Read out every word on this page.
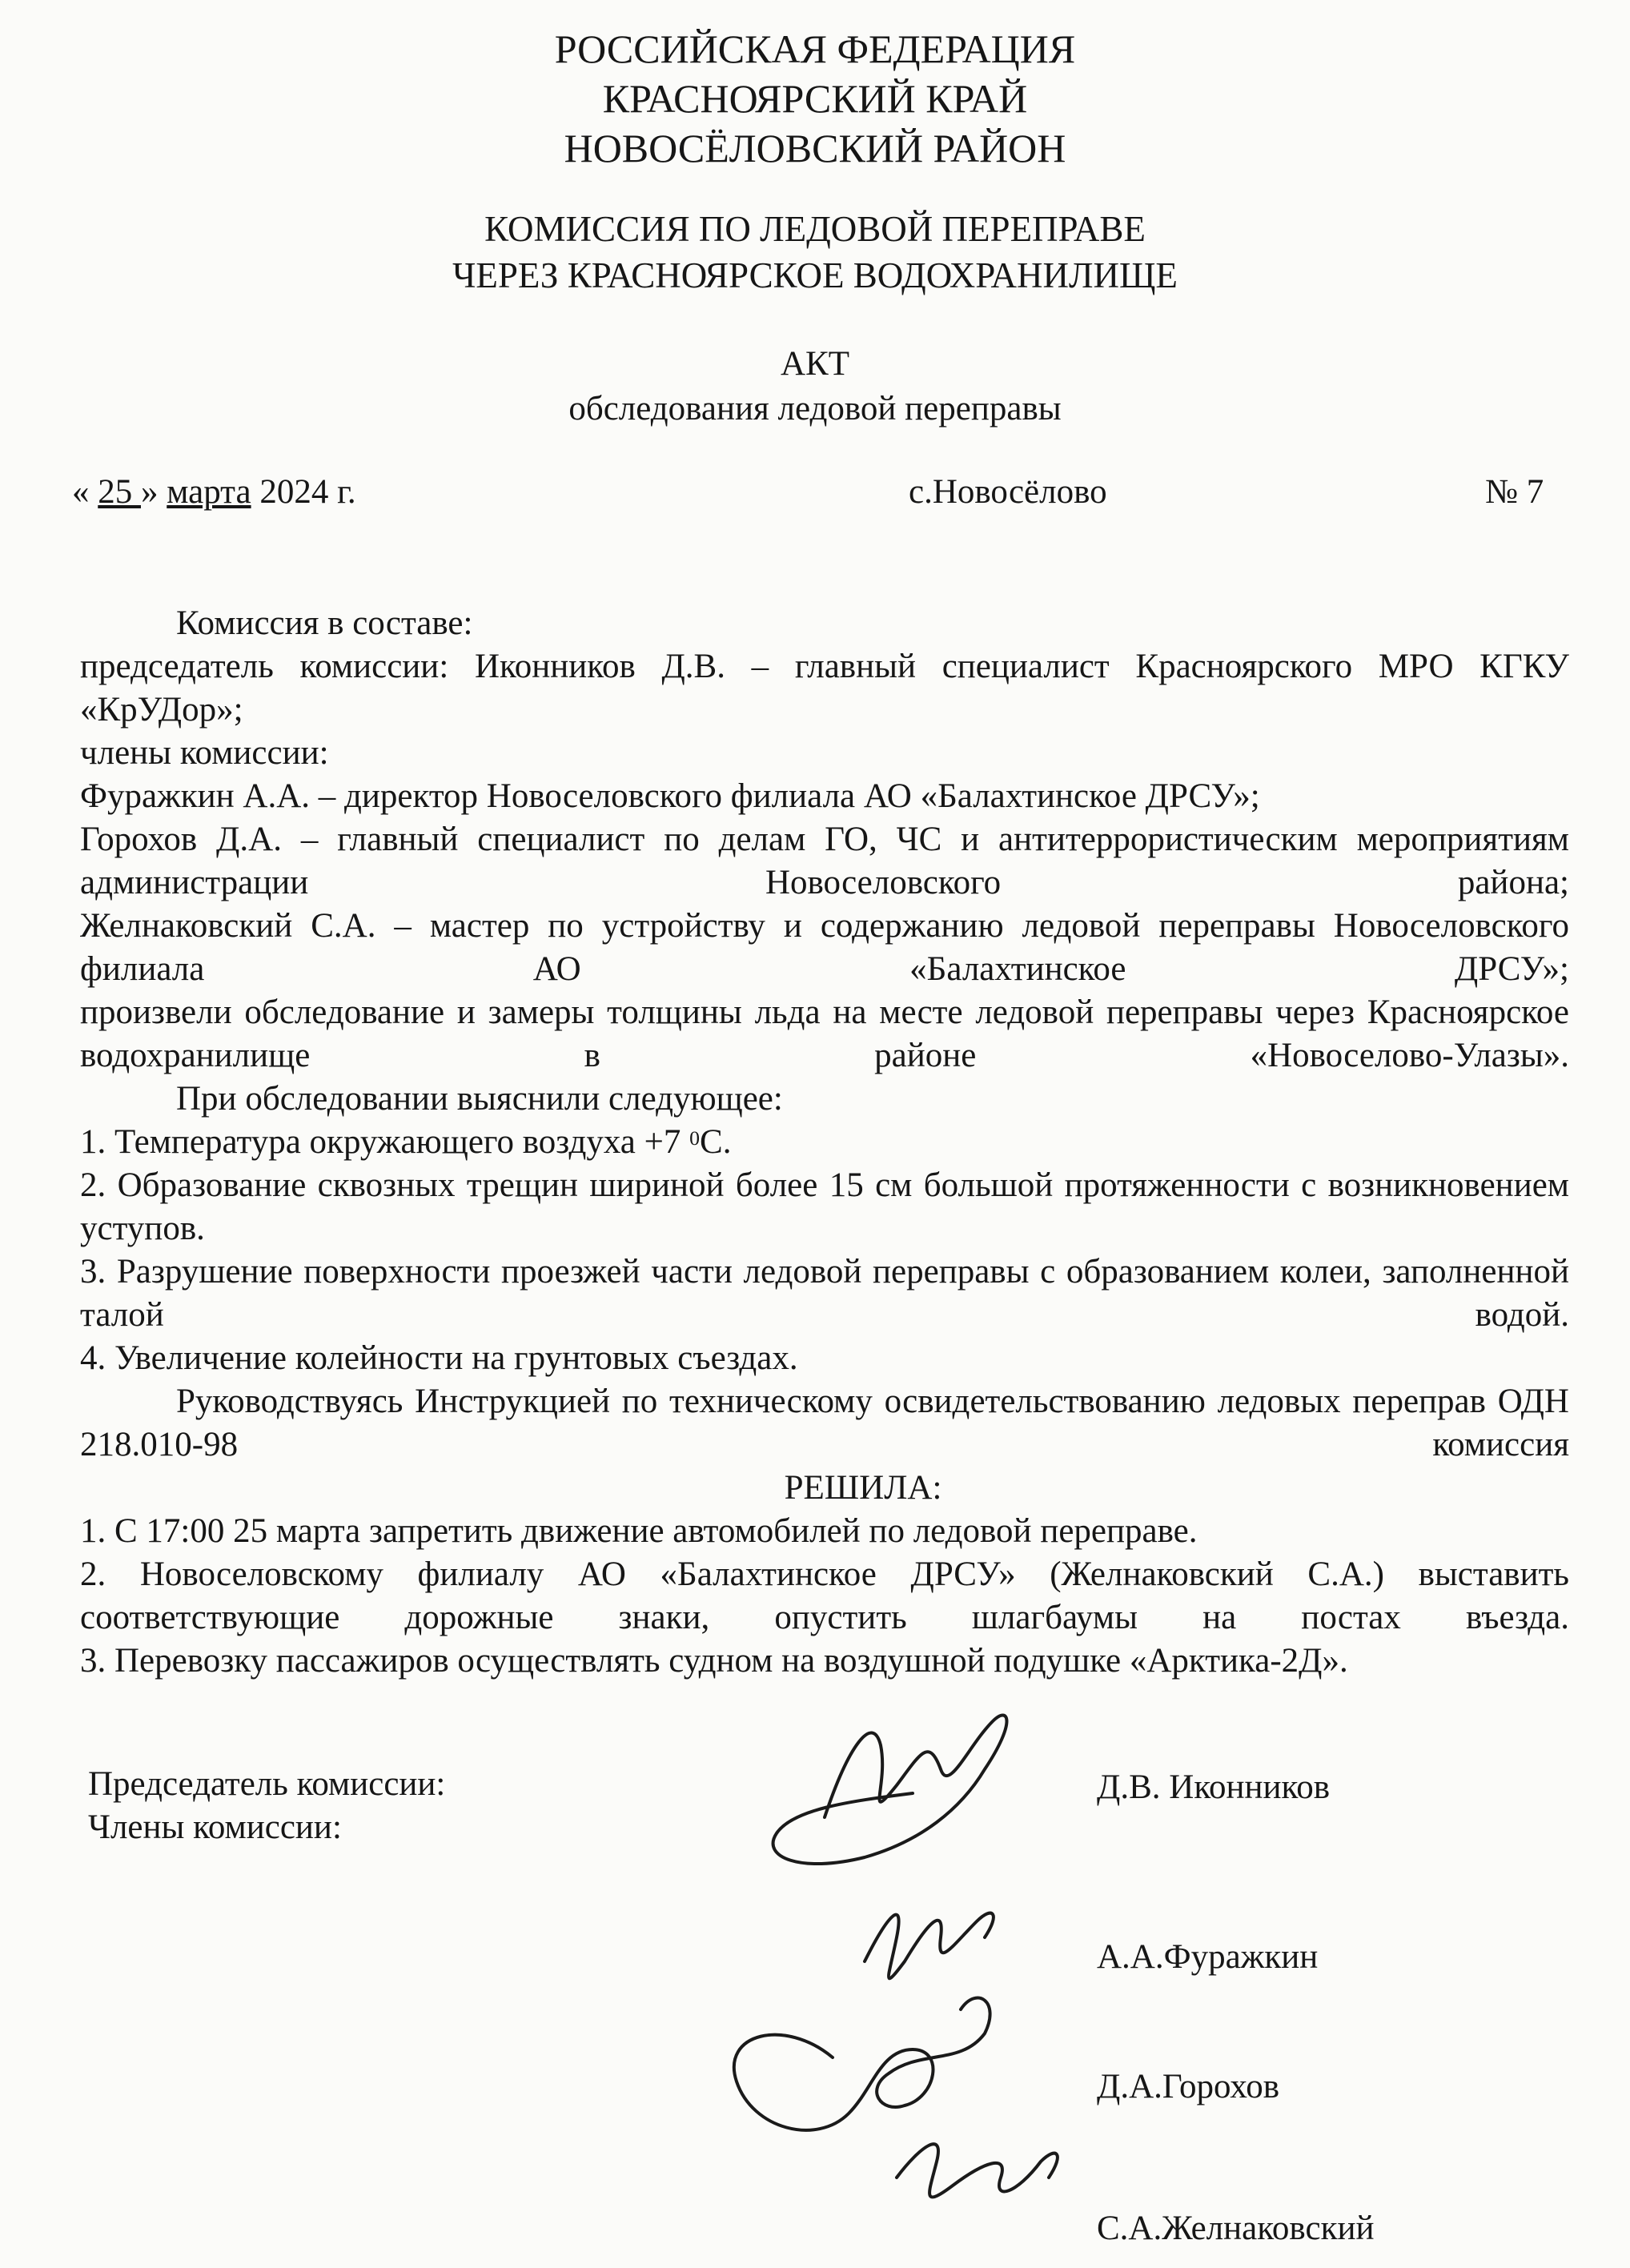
РОССИЙСКАЯ ФЕДЕРАЦИЯ
КРАСНОЯРСКИЙ КРАЙ
НОВОСЁЛОВСКИЙ РАЙОН
КОМИССИЯ ПО ЛЕДОВОЙ ПЕРЕПРАВЕ
ЧЕРЕЗ КРАСНОЯРСКОЕ ВОДОХРАНИЛИЩЕ
АКТ
обследования ледовой переправы
« 25 » марта 2024 г.	с.Новосёлово	№ 7

Комиссия в составе:

председатель комиссии: Иконников Д.В. – главный специалист Красноярского МРО КГКУ «КрУДор»;

члены комиссии:

Фуражкин А.А. – директор Новоселовского филиала АО «Балахтинское ДРСУ»;

Горохов Д.А. – главный специалист по делам ГО, ЧС и антитеррористическим мероприятиям администрации Новоселовского района;

Желнаковский С.А. – мастер по устройству и содержанию ледовой переправы Новоселовского филиала АО «Балахтинское ДРСУ»;

произвели обследование и замеры толщины льда на месте ледовой переправы через Красноярское водохранилище в районе «Новоселово-Улазы».

При обследовании выяснили следующее:

1. Температура окружающего воздуха +7 $^0$С.

2. Образование сквозных трещин шириной более 15 см большой протяженности с возникновением уступов.

3. Разрушение поверхности проезжей части ледовой переправы с образованием колеи, заполненной талой водой.

4. Увеличение колейности на грунтовых съездах.

Руководствуясь Инструкцией по техническому освидетельствованию ледовых переправ ОДН 218.010-98 комиссия

РЕШИЛА:

1. С 17:00 25 марта запретить движение автомобилей по ледовой переправе.

2. Новоселовскому филиалу АО «Балахтинское ДРСУ» (Желнаковский С.А.) выставить соответствующие дорожные знаки, опустить шлагбаумы на постах въезда.

3. Перевозку пассажиров осуществлять судном на воздушной подушке «Арктика-2Д».

Председатель комиссии:
Члены комиссии:
Д.В. Иконников
А.А.Фуражкин
Д.А.Горохов
С.А.Желнаковский
